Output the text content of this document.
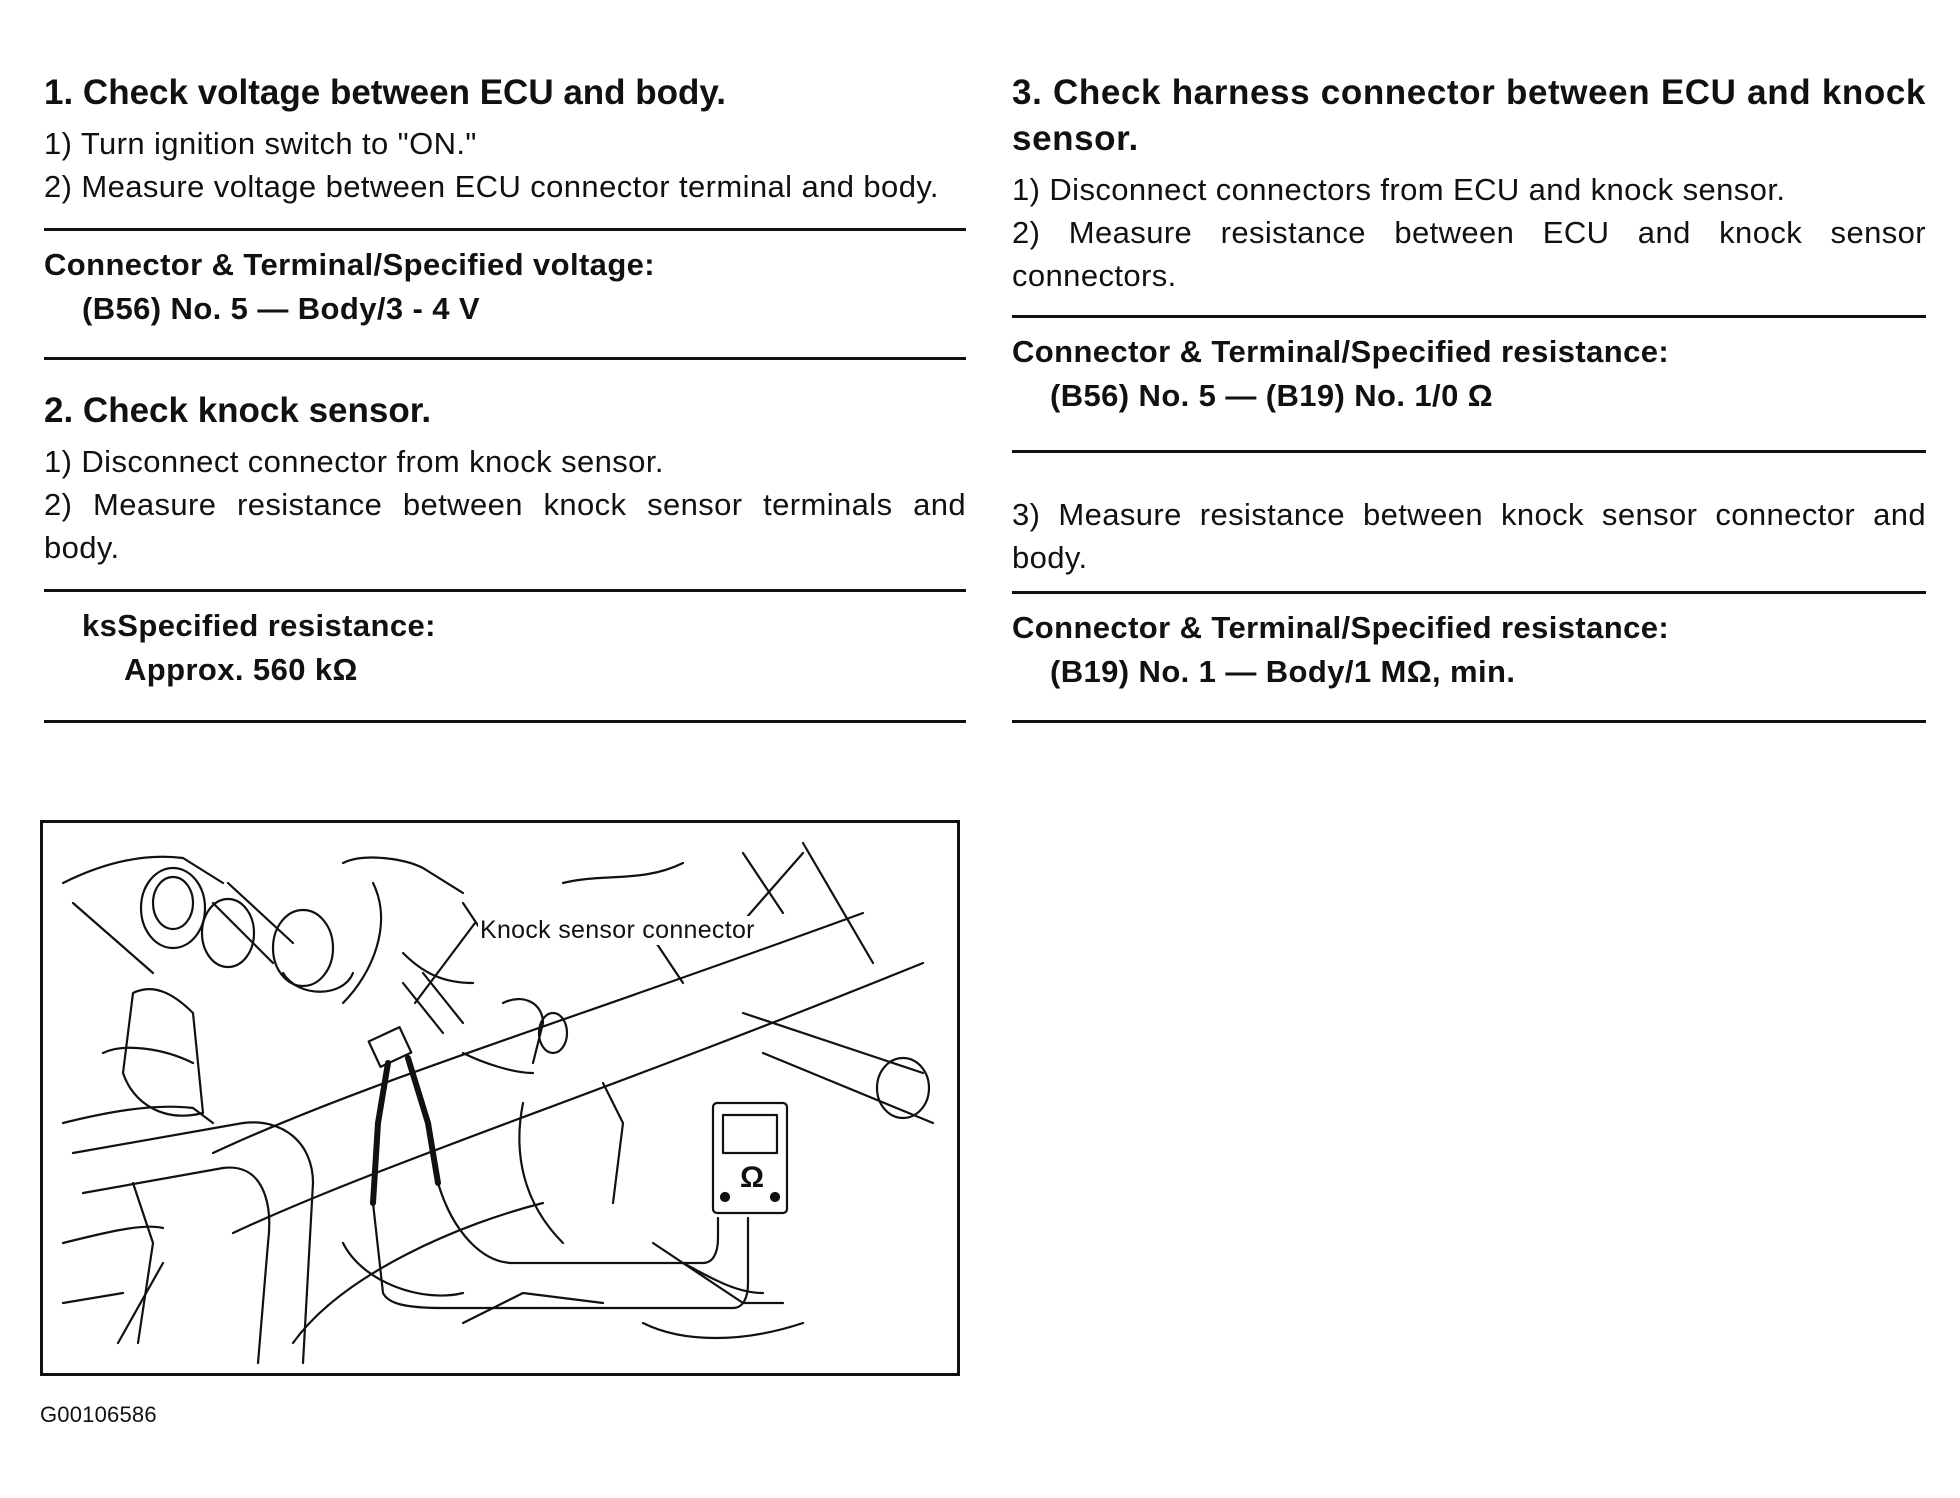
1. Check voltage between ECU and body.

1) Turn ignition switch to "ON."

2) Measure voltage between ECU connector terminal and body.

Connector & Terminal/Specified voltage:

(B56) No. 5 — Body/3 - 4 V

2. Check knock sensor.

1) Disconnect connector from knock sensor.

2) Measure resistance between knock sensor terminals and body.

ksSpecified resistance:

Approx. 560 kΩ

3. Check harness connector between ECU and knock sensor.

1) Disconnect connectors from ECU and knock sensor.

2) Measure resistance between ECU and knock sensor connectors.

Connector & Terminal/Specified resistance:

(B56) No. 5 — (B19) No. 1/0 Ω

3) Measure resistance between knock sensor connector and body.

Connector & Terminal/Specified resistance:

(B19) No. 1 — Body/1 MΩ, min.

Knock sensor connector
Ω
G00106586
